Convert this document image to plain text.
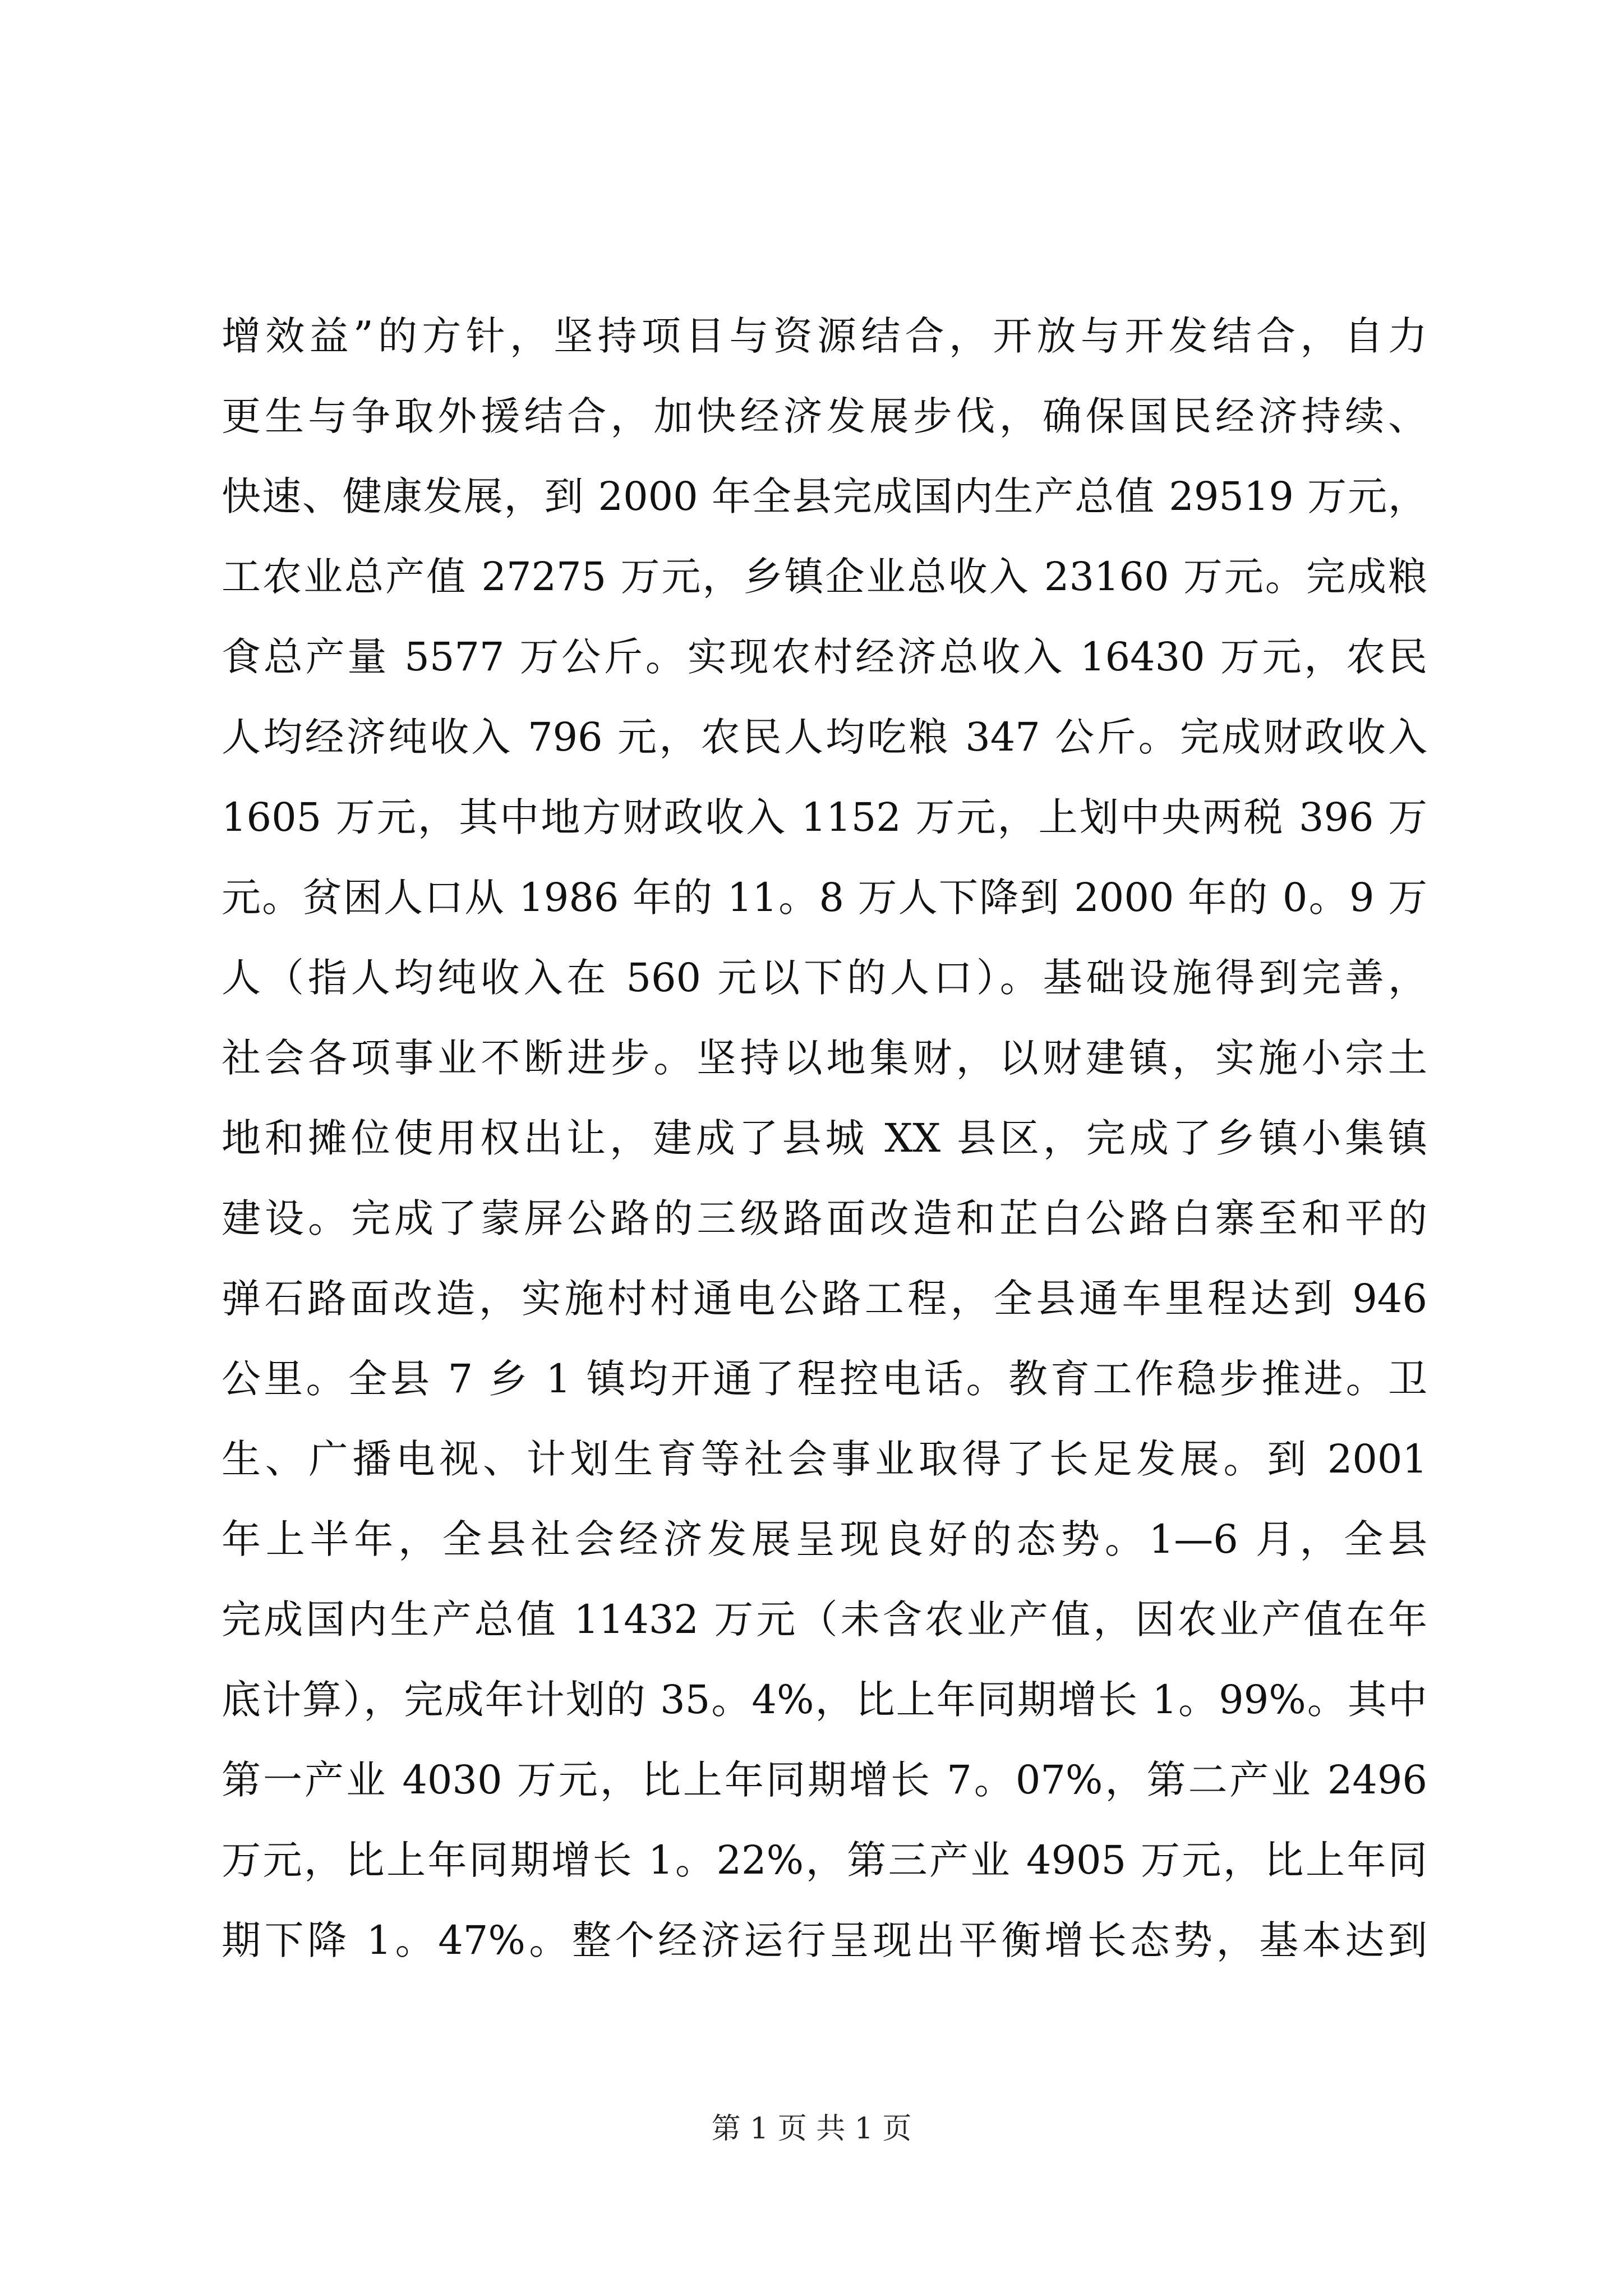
增效益”的方针，坚持项目与资源结合，开放与开发结合，自力
更生与争取外援结合，加快经济发展步伐，确保国民经济持续、
快速、健康发展，到 2000 年全县完成国内生产总值 29519 万元，
工农业总产值 27275 万元，乡镇企业总收入 23160 万元。完成粮
食总产量 5577 万公斤。实现农村经济总收入 16430 万元，农民
人均经济纯收入 796 元，农民人均吃粮 347 公斤。完成财政收入
1605 万元，其中地方财政收入 1152 万元，上划中央两税 396 万
元。贫困人口从 1986 年的 11。8 万人下降到 2000 年的 0。9 万
人（指人均纯收入在 560 元以下的人口）。基础设施得到完善，
社会各项事业不断进步。坚持以地集财，以财建镇，实施小宗土
地和摊位使用权出让，建成了县城 XX 县区，完成了乡镇小集镇
建设。完成了蒙屏公路的三级路面改造和芷白公路白寨至和平的
弹石路面改造，实施村村通电公路工程，全县通车里程达到 946
公里。全县 7 乡 1 镇均开通了程控电话。教育工作稳步推进。卫
生、广播电视、计划生育等社会事业取得了长足发展。到 2001
年上半年，全县社会经济发展呈现良好的态势。1—6 月，全县
完成国内生产总值 11432 万元（未含农业产值，因农业产值在年
底计算），完成年计划的 35。4%，比上年同期增长 1。99%。其中
第一产业 4030 万元，比上年同期增长 7。07%，第二产业 2496
万元，比上年同期增长 1。22%，第三产业 4905 万元，比上年同
期下降 1。47%。整个经济运行呈现出平衡增长态势，基本达到
第 1 页 共 1 页
